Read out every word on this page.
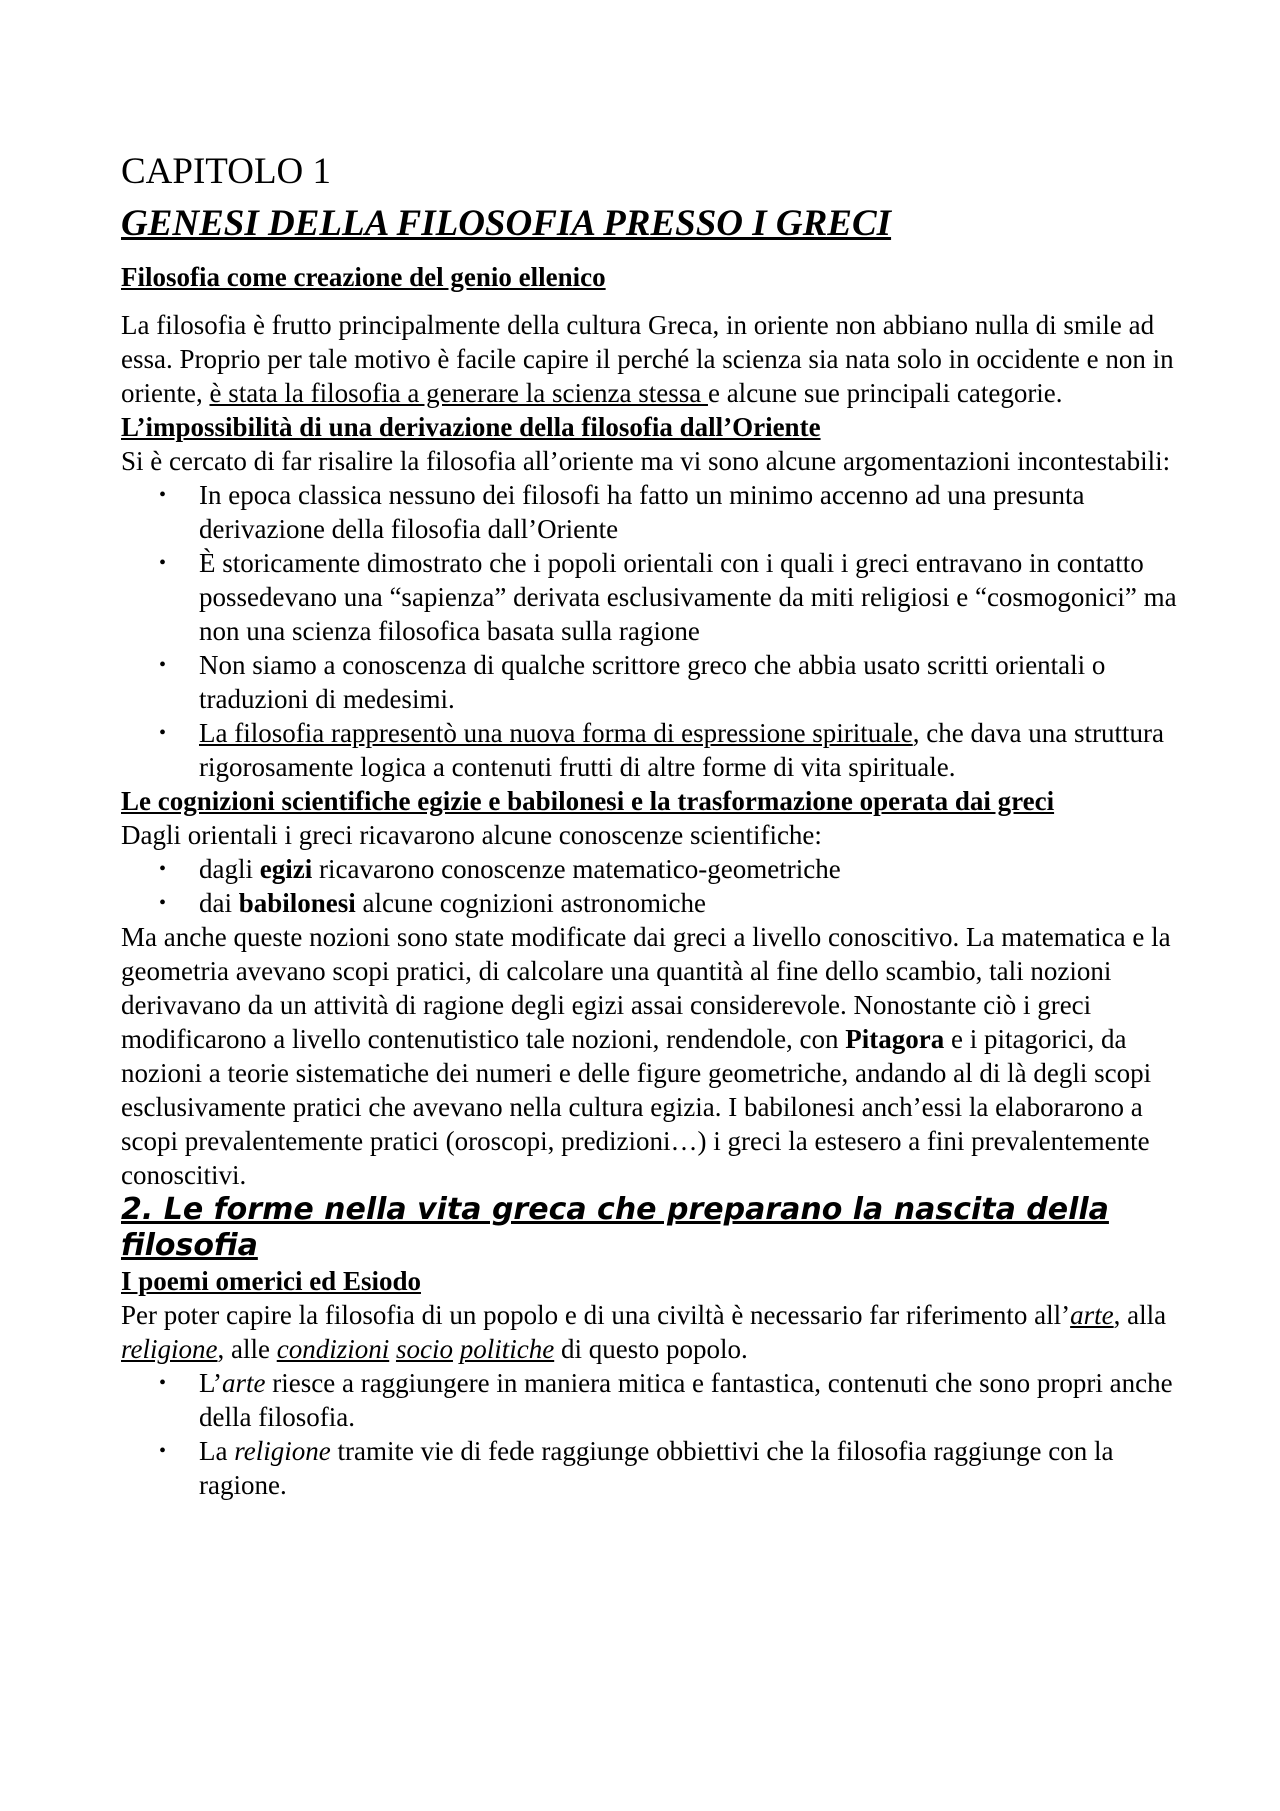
CAPITOLO 1
GENESI DELLA FILOSOFIA PRESSO I GRECI
Filosofia come creazione del genio ellenico

La filosofia è frutto principalmente della cultura Greca, in oriente non abbiano nulla di smile ad essa. Proprio per tale motivo è facile capire il perché la scienza sia nata solo in occidente e non in oriente, è stata la filosofia a generare la scienza stessa e alcune sue principali categorie.

L’impossibilità di una derivazione della filosofia dall’Oriente

Si è cercato di far risalire la filosofia all’oriente ma vi sono alcune argomentazioni incontestabili:

• In epoca classica nessuno dei filosofi ha fatto un minimo accenno ad una presunta derivazione della filosofia dall’Oriente
• È storicamente dimostrato che i popoli orientali con i quali i greci entravano in contatto possedevano una “sapienza” derivata esclusivamente da miti religiosi e “cosmogonici” ma non una scienza filosofica basata sulla ragione
• Non siamo a conoscenza di qualche scrittore greco che abbia usato scritti orientali o traduzioni di medesimi.
• La filosofia rappresentò una nuova forma di espressione spirituale, che dava una struttura rigorosamente logica a contenuti frutti di altre forme di vita spirituale.
Le cognizioni scientifiche egizie e babilonesi e la trasformazione operata dai greci

Dagli orientali i greci ricavarono alcune conoscenze scientifiche:

• dagli egizi ricavarono conoscenze matematico-geometriche
• dai babilonesi alcune cognizioni astronomiche

Ma anche queste nozioni sono state modificate dai greci a livello conoscitivo. La matematica e la geometria avevano scopi pratici, di calcolare una quantità al fine dello scambio, tali nozioni derivavano da un attività di ragione degli egizi assai considerevole. Nonostante ciò i greci modificarono a livello contenutistico tale nozioni, rendendole, con Pitagora e i pitagorici, da nozioni a teorie sistematiche dei numeri e delle figure geometriche, andando al di là degli scopi esclusivamente pratici che avevano nella cultura egizia. I babilonesi anch’essi la elaborarono a scopi prevalentemente pratici (oroscopi, predizioni…) i greci la estesero a fini prevalentemente conoscitivi.

2. Le forme nella vita greca che preparano la nascita della filosofia
I poemi omerici ed Esiodo

Per poter capire la filosofia di un popolo e di una civiltà è necessario far riferimento all’arte, alla religione, alle condizioni socio politiche di questo popolo.

• L’arte riesce a raggiungere in maniera mitica e fantastica, contenuti che sono propri anche della filosofia.
• La religione tramite vie di fede raggiunge obbiettivi che la filosofia raggiunge con la ragione.
